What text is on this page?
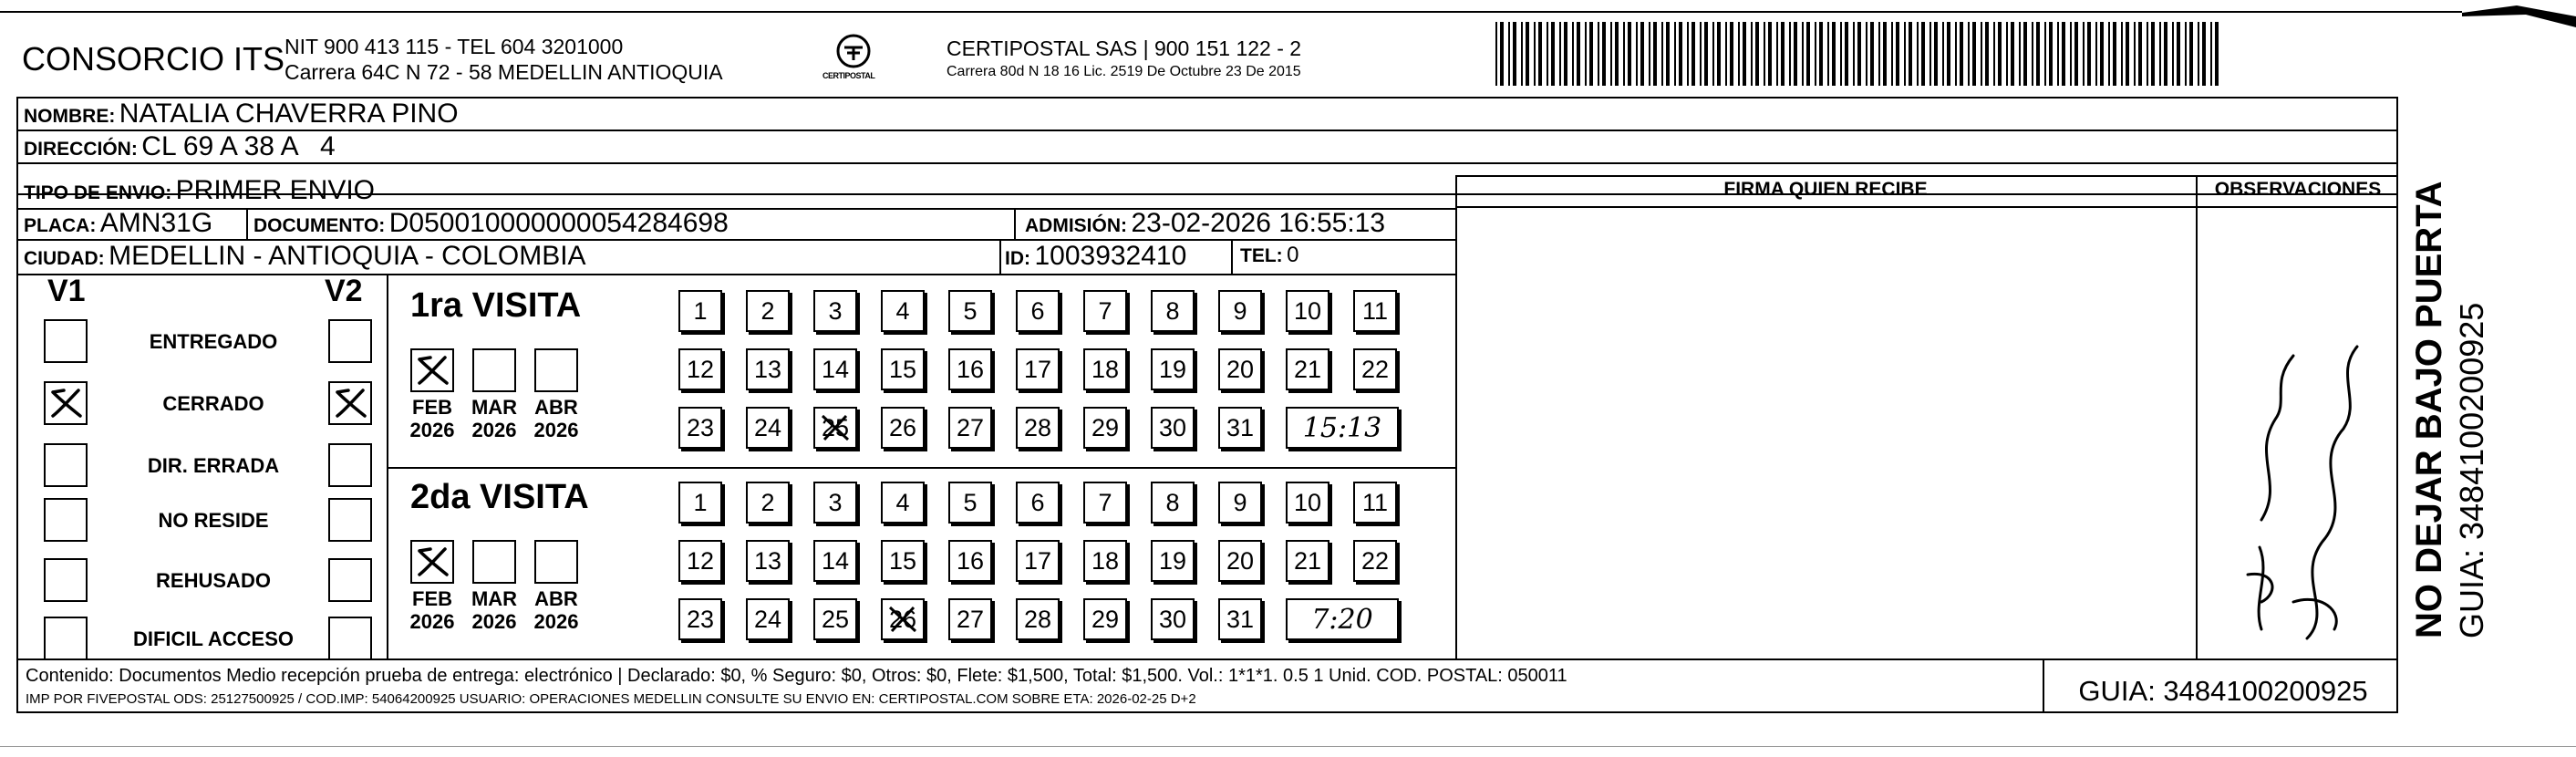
CONSORCIO ITS NIT 900 413 115 - TEL 604 3201000
Carrera 64C N 72 - 58 MEDELLIN ANTIOQUIA	CERTIPOSTAL
CERTIPOSTAL SAS | 900 151 122 - 2
Carrera 80d N 18 16 Lic. 2519 De Octubre 23 De 2015
NOMBRE: NATALIA CHAVERRA PINO
DIRECCIÓN: CL 69 A 38 A   4
TIPO DE ENVIO: PRIMER ENVIO
PLACA: AMN31G DOCUMENTO: D050010000000054284698	ADMISIÓN: 23-02-2026 16:55:13
CIUDAD: MEDELLIN - ANTIOQUIA - COLOMBIA	ID: 1003932410	TEL: 0
FIRMA QUIEN RECIBE	OBSERVACIONES NO DEJAR BAJO PUERTA GUIA: 3484100200925
V1	V2
ENTREGADO
CERRADO
DIR. ERRADA
NO RESIDE
REHUSADO
DIFICIL ACCESO
1ra VISITA
2da VISITA
FEB
2026
MAR
2026
ABR
2026
1	2	3	4	5	6	7	8	9	10	11
12	13	14	15	16	17	18	19	20	21	22
23	24	25	26	27	28	29	30	31	15:13
FEB
2026
MAR
2026
ABR
2026
1	2	3	4	5	6	7	8	9	10	11
12	13	14	15	16	17	18	19	20	21	22
23	24	25	26	27	28	29	30	31	7:20
Contenido: Documentos Medio recepción prueba de entrega: electrónico | Declarado: $0, % Seguro: $0, Otros: $0, Flete: $1,500, Total: $1,500. Vol.: 1*1*1. 0.5 1 Unid. COD. POSTAL: 050011
IMP POR FIVEPOSTAL ODS: 25127500925 / COD.IMP: 54064200925 USUARIO: OPERACIONES MEDELLIN CONSULTE SU ENVIO EN: CERTIPOSTAL.COM SOBRE ETA: 2026-02-25 D+2	GUIA: 3484100200925
